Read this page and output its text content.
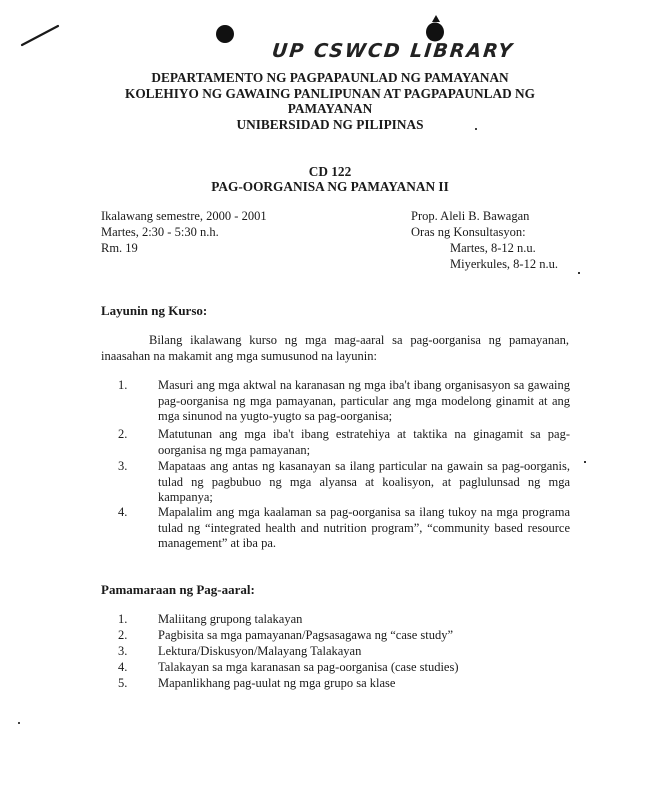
UP CSWCD LIBRARY
DEPARTAMENTO NG PAGPAPAUNLAD NG PAMAYANAN
KOLEHIYO NG GAWAING PANLIPUNAN AT PAGPAPAUNLAD NG
PAMAYANAN
UNIBERSIDAD NG PILIPINAS
CD 122
PAG-OORGANISA NG PAMAYANAN II
Ikalawang semestre, 2000 - 2001
Martes, 2:30 - 5:30 n.h.
Rm. 19
Prop. Aleli B. Bawagan
Oras ng Konsultasyon:
Martes, 8-12 n.u.
Miyerkules, 8-12 n.u.
Layunin ng Kurso:
Bilang ikalawang kurso ng mga mag-aaral sa pag-oorganisa ng pamayanan, inaasahan na makamit ang mga sumusunod na layunin:
1.	Masuri ang mga aktwal na karanasan ng mga iba't ibang organisasyon sa gawaing pag-oorganisa ng mga pamayanan, particular ang mga modelong ginamit at ang mga sinunod na yugto-yugto sa pag-oorganisa;
2.	Matutunan ang mga iba't ibang estratehiya at taktika na ginagamit sa pag-oorganisa ng mga pamayanan;
3.	Mapataas ang antas ng kasanayan sa ilang particular na gawain sa pag-oorganis, tulad ng pagbubuo ng mga alyansa at koalisyon, at paglulunsad ng mga kampanya;
4.	Mapalalim ang mga kaalaman sa pag-oorganisa sa ilang tukoy na mga programa tulad ng “integrated health and nutrition program”, “community based resource management” at iba pa.
Pamamaraan ng Pag-aaral:
1. Maliitang grupong talakayan
2. Pagbisita sa mga pamayanan/Pagsasagawa ng “case study”
3. Lektura/Diskusyon/Malayang Talakayan
4. Talakayan sa mga karanasan sa pag-oorganisa (case studies)
5. Mapanlikhang pag-uulat ng mga grupo sa klase
